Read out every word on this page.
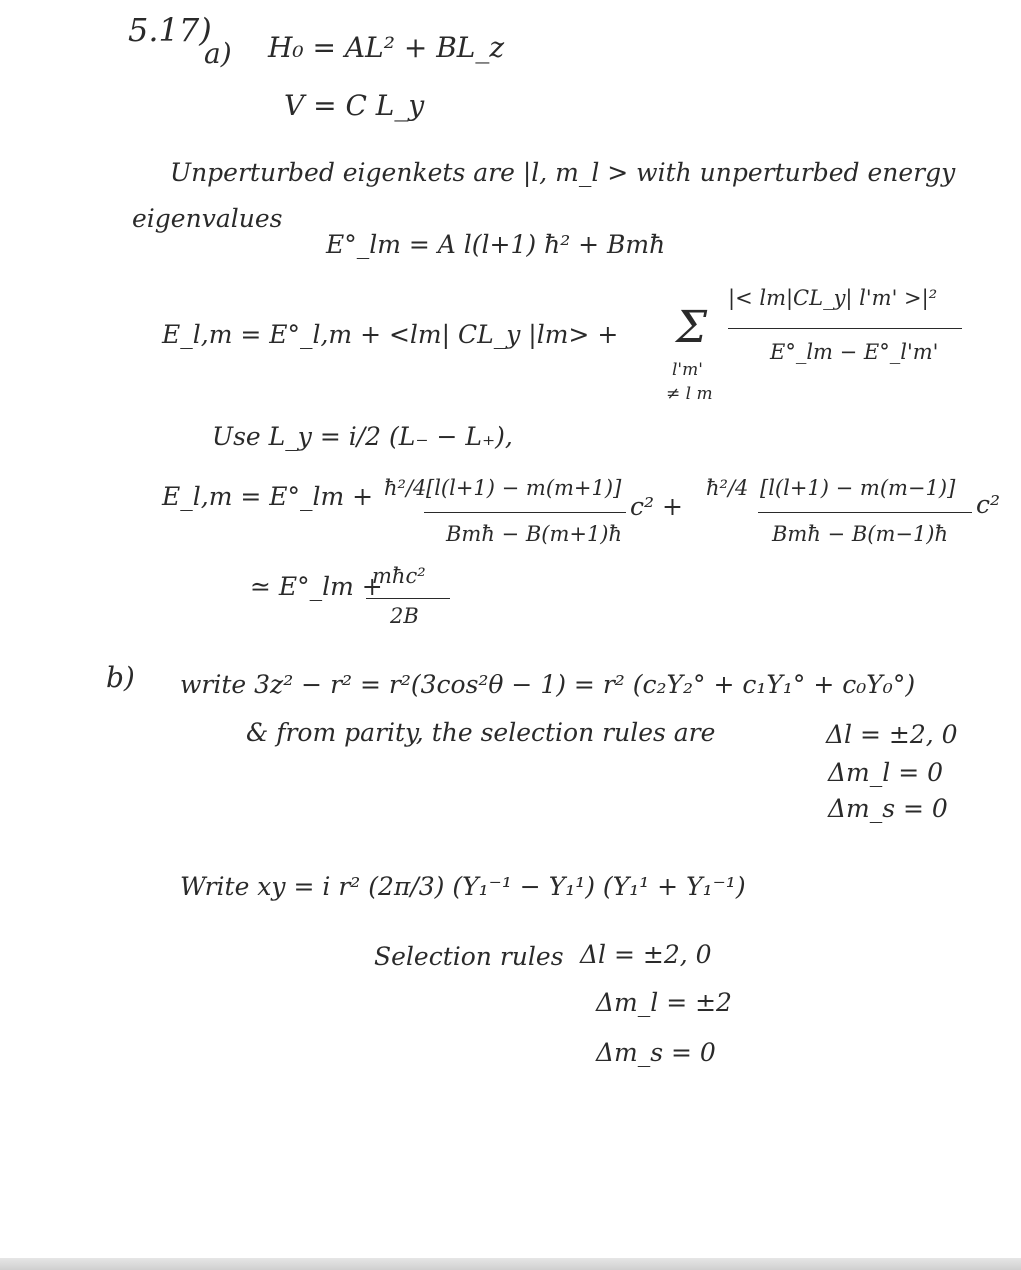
5.17)
a) H₀ = AL² + BL_z
V = C L_y
Unperturbed eigenkets are |l, m_l > with unperturbed energy
eigenvalues
E°_lm = A l(l+1) ħ² + Bmħ
E_l,m = E°_l,m + <lm| CL_y |lm> + Σ
l'm'
≠ l m
|< lm|CL_y| l'm' >|²
E°_lm − E°_l'm'
Use L_y = i/2 (L₋ − L₊),
E_l,m = E°_lm + ħ²/4 [l(l+1) − m(m+1)]
Bmħ − B(m+1)ħ
c² +
ħ²/4 [l(l+1) − m(m−1)]
Bmħ − B(m−1)ħ
c²
≃ E°_lm +
mħc²
2B
b) write 3z² − r² = r²(3cos²θ − 1) = r² (c₂Y₂° + c₁Y₁° + c₀Y₀°)
& from parity, the selection rules are	Δl = ±2, 0
Δm_l = 0
Δm_s = 0
Write xy = i r² (2π/3) (Y₁⁻¹ − Y₁¹) (Y₁¹ + Y₁⁻¹)
Selection rules Δl = ±2, 0
Δm_l = ±2
Δm_s = 0
